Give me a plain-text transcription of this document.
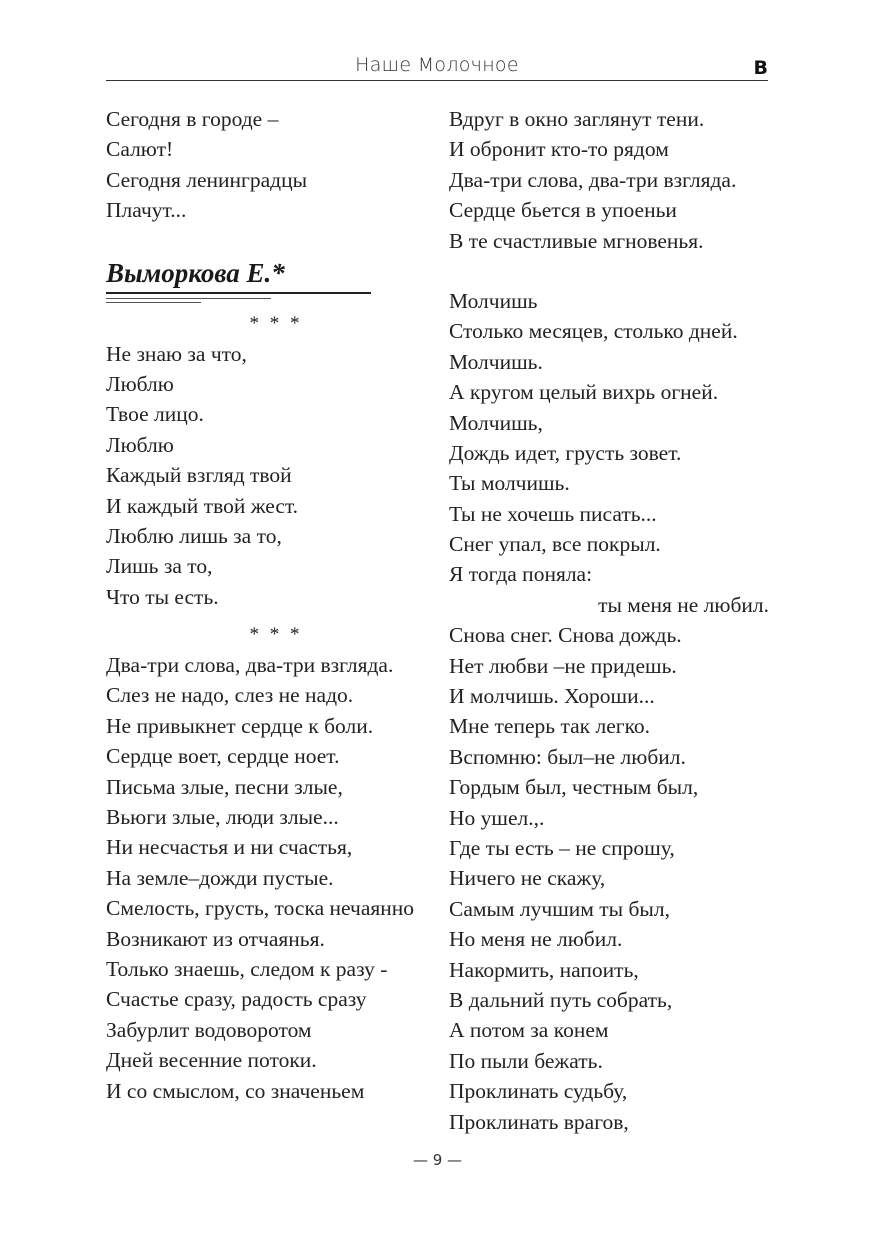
Наше Молочное	В
Сегодня в городе –
Салют!
Сегодня ленинградцы
Плачут...
Выморкова Е.*
* * *
Не знаю за что,
Люблю
Твое лицо.
Люблю
Каждый взгляд твой
И каждый твой жест.
Люблю лишь за то,
Лишь за то,
Что ты есть.
* * *
Два-три слова, два-три взгляда.
Слез не надо, слез не надо.
Не привыкнет сердце к боли.
Сердце воет, сердце ноет.
Письма злые, песни злые,
Вьюги злые, люди злые...
Ни несчастья и ни счастья,
На земле–дожди пустые.
Смелость, грусть, тоска нечаянно
Возникают из отчаянья.
Только знаешь, следом к разу -
Счастье сразу, радость сразу
Забурлит водоворотом
Дней весенние потоки.
И со смыслом, со значеньем
Вдруг в окно заглянут тени.
И обронит кто-то рядом
Два-три слова, два-три взгляда.
Сердце бьется в упоеньи
В те счастливые мгновенья.
Молчишь
Столько месяцев, столько дней.
Молчишь.
А кругом целый вихрь огней.
Молчишь,
Дождь идет, грусть зовет.
Ты молчишь.
Ты не хочешь писать...
Снег упал, все покрыл.
Я тогда поняла:
ты меня не любил.
Снова снег. Снова дождь.
Нет любви –не придешь.
И молчишь. Хороши...
Мне теперь так легко.
Вспомню: был–не любил.
Гордым был, честным был,
Но ушел.,.
Где ты есть – не спрошу,
Ничего не скажу,
Самым лучшим ты был,
Но меня не любил.
Накормить, напоить,
В дальний путь собрать,
А потом за конем
По пыли бежать.
Проклинать судьбу,
Проклинать врагов,
— 9 —
